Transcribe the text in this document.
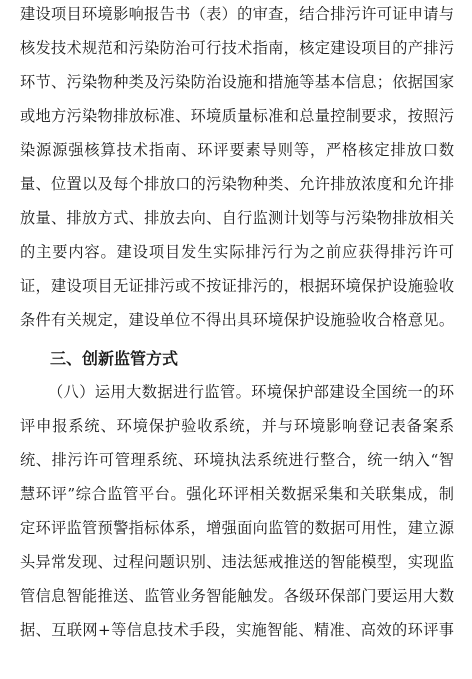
建设项目环境影响报告书（表）的审查，结合排污许可证申请与
核发技术规范和污染防治可行技术指南，核定建设项目的产排污
环节、污染物种类及污染防治设施和措施等基本信息；依据国家
或地方污染物排放标准、环境质量标准和总量控制要求，按照污
染源源强核算技术指南、环评要素导则等，严格核定排放口数
量、位置以及每个排放口的污染物种类、允许排放浓度和允许排
放量、排放方式、排放去向、自行监测计划等与污染物排放相关
的主要内容。建设项目发生实际排污行为之前应获得排污许可
证，建设项目无证排污或不按证排污的，根据环境保护设施验收
条件有关规定，建设单位不得出具环境保护设施验收合格意见。
三、创新监管方式
（八）运用大数据进行监管。环境保护部建设全国统一的环
评申报系统、环境保护验收系统，并与环境影响登记表备案系
统、排污许可管理系统、环境执法系统进行整合，统一纳入“智
慧环评”综合监管平台。强化环评相关数据采集和关联集成，制
定环评监管预警指标体系，增强面向监管的数据可用性，建立源
头异常发现、过程问题识别、违法惩戒推送的智能模型，实现监
管信息智能推送、监管业务智能触发。各级环保部门要运用大数
据、互联网+等信息技术手段，实施智能、精准、高效的环评事
